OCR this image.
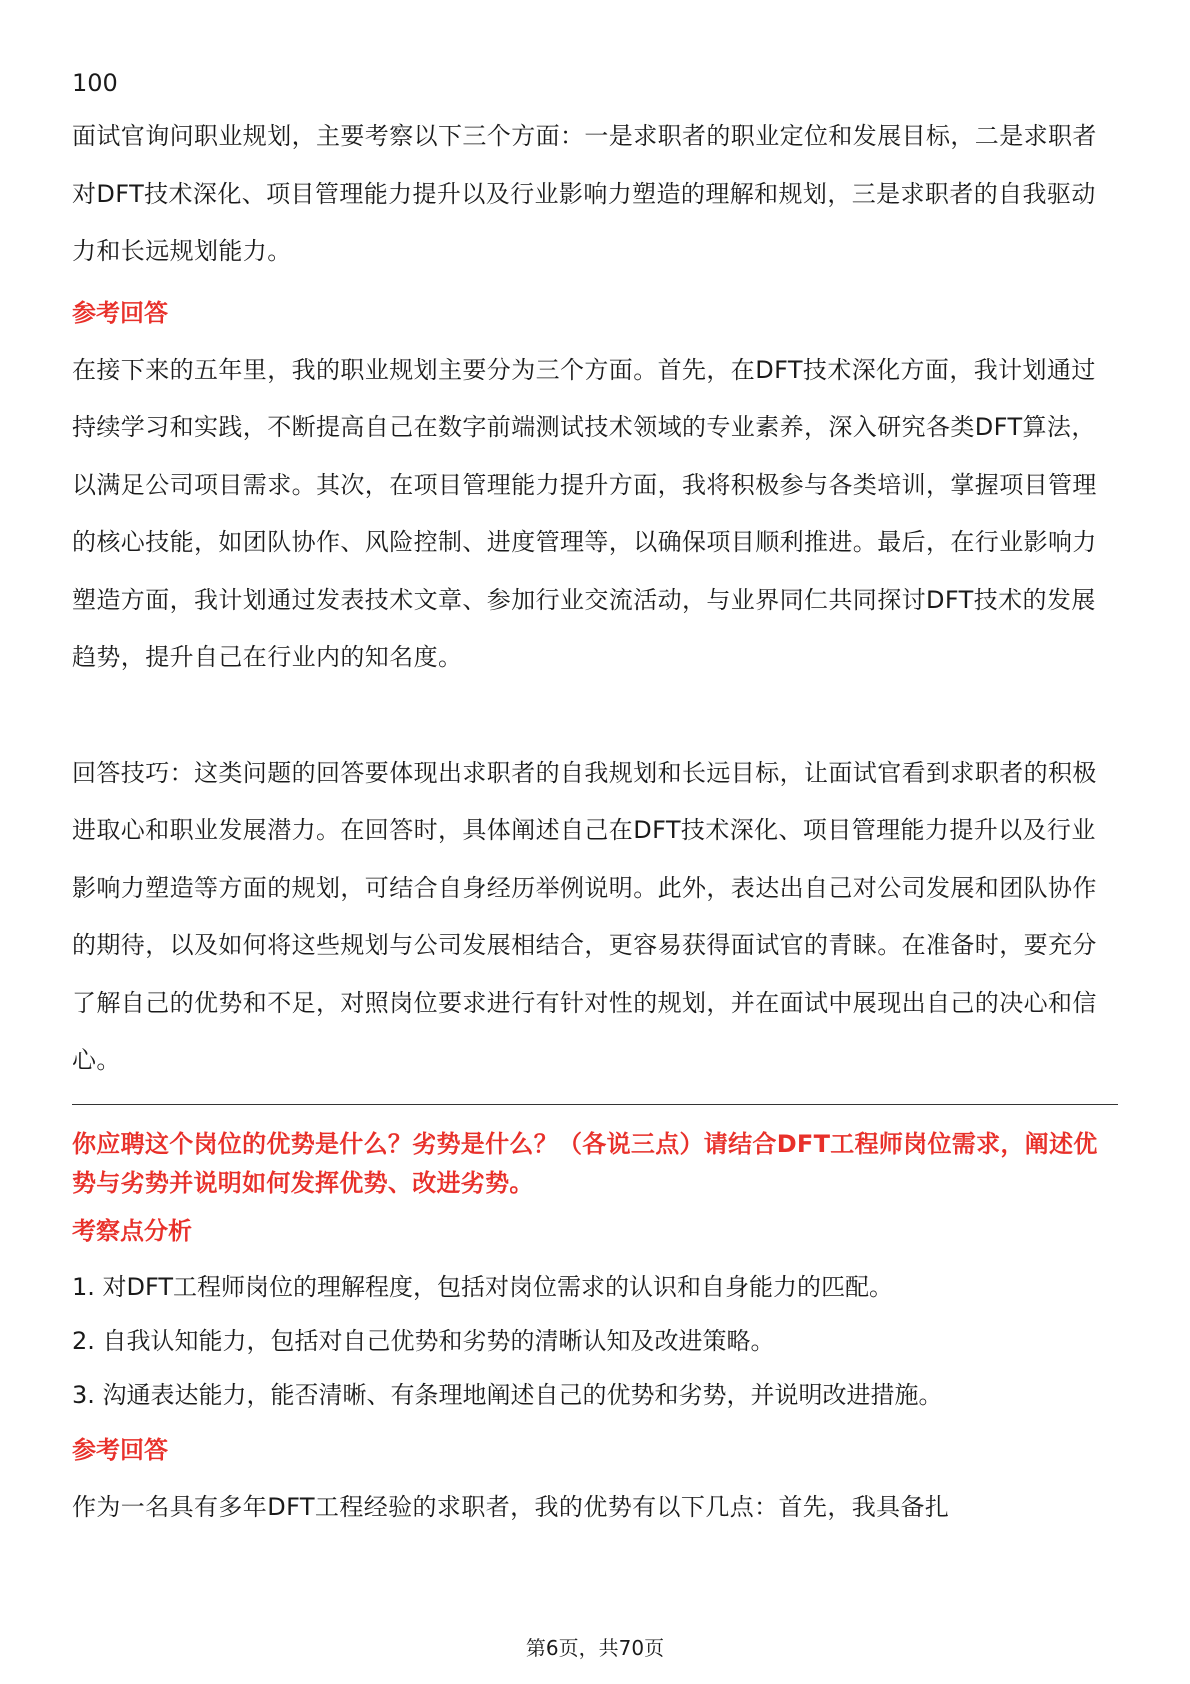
100

面试官询问职业规划，主要考察以下三个方面：一是求职者的职业定位和发展目标，二是求职者对DFT技术深化、项目管理能力提升以及行业影响力塑造的理解和规划，三是求职者的自我驱动力和长远规划能力。

参考回答

在接下来的五年里，我的职业规划主要分为三个方面。首先，在DFT技术深化方面，我计划通过持续学习和实践，不断提高自己在数字前端测试技术领域的专业素养，深入研究各类DFT算法，以满足公司项目需求。其次，在项目管理能力提升方面，我将积极参与各类培训，掌握项目管理的核心技能，如团队协作、风险控制、进度管理等，以确保项目顺利推进。最后，在行业影响力塑造方面，我计划通过发表技术文章、参加行业交流活动，与业界同仁共同探讨DFT技术的发展趋势，提升自己在行业内的知名度。

回答技巧：这类问题的回答要体现出求职者的自我规划和长远目标，让面试官看到求职者的积极进取心和职业发展潜力。在回答时，具体阐述自己在DFT技术深化、项目管理能力提升以及行业影响力塑造等方面的规划，可结合自身经历举例说明。此外，表达出自己对公司发展和团队协作的期待，以及如何将这些规划与公司发展相结合，更容易获得面试官的青睐。在准备时，要充分了解自己的优势和不足，对照岗位要求进行有针对性的规划，并在面试中展现出自己的决心和信心。

你应聘这个岗位的优势是什么？劣势是什么？（各说三点）请结合DFT工程师岗位需求，阐述优势与劣势并说明如何发挥优势、改进劣势。

考察点分析

1. 对DFT工程师岗位的理解程度，包括对岗位需求的认识和自身能力的匹配。

2. 自我认知能力，包括对自己优势和劣势的清晰认知及改进策略。

3. 沟通表达能力，能否清晰、有条理地阐述自己的优势和劣势，并说明改进措施。

参考回答

作为一名具有多年DFT工程经验的求职者，我的优势有以下几点：首先，我具备扎

第6页，共70页
